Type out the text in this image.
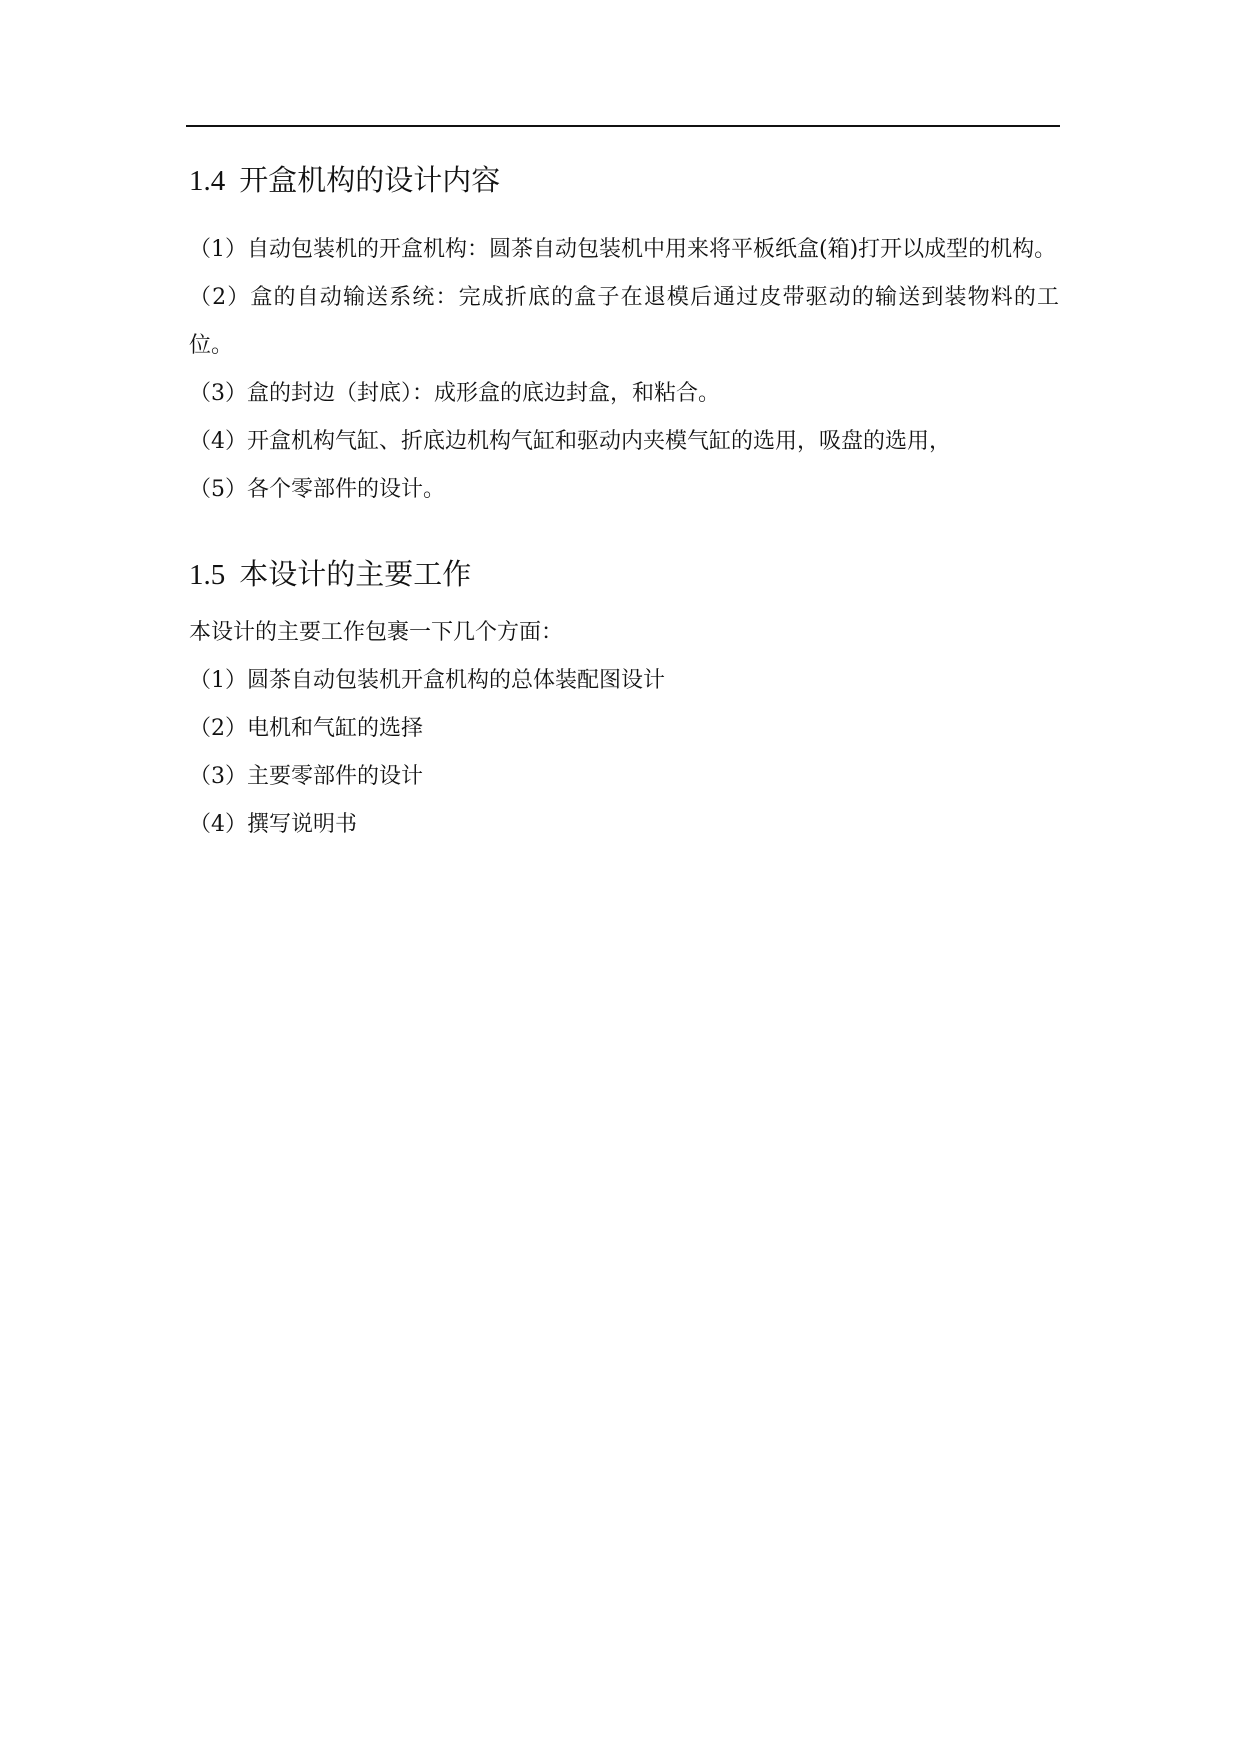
1.4 开盒机构的设计内容

（1）自动包装机的开盒机构：圆茶自动包装机中用来将平板纸盒(箱)打开以成型的机构。

（2）盒的自动输送系统：完成折底的盒子在退模后通过皮带驱动的输送到装物料的工位。

（3）盒的封边（封底）：成形盒的底边封盒，和粘合。

（4）开盒机构气缸、折底边机构气缸和驱动内夹模气缸的选用，吸盘的选用，

（5）各个零部件的设计。

1.5 本设计的主要工作

本设计的主要工作包裹一下几个方面：

（1）圆茶自动包装机开盒机构的总体装配图设计

（2）电机和气缸的选择

（3）主要零部件的设计

（4）撰写说明书
